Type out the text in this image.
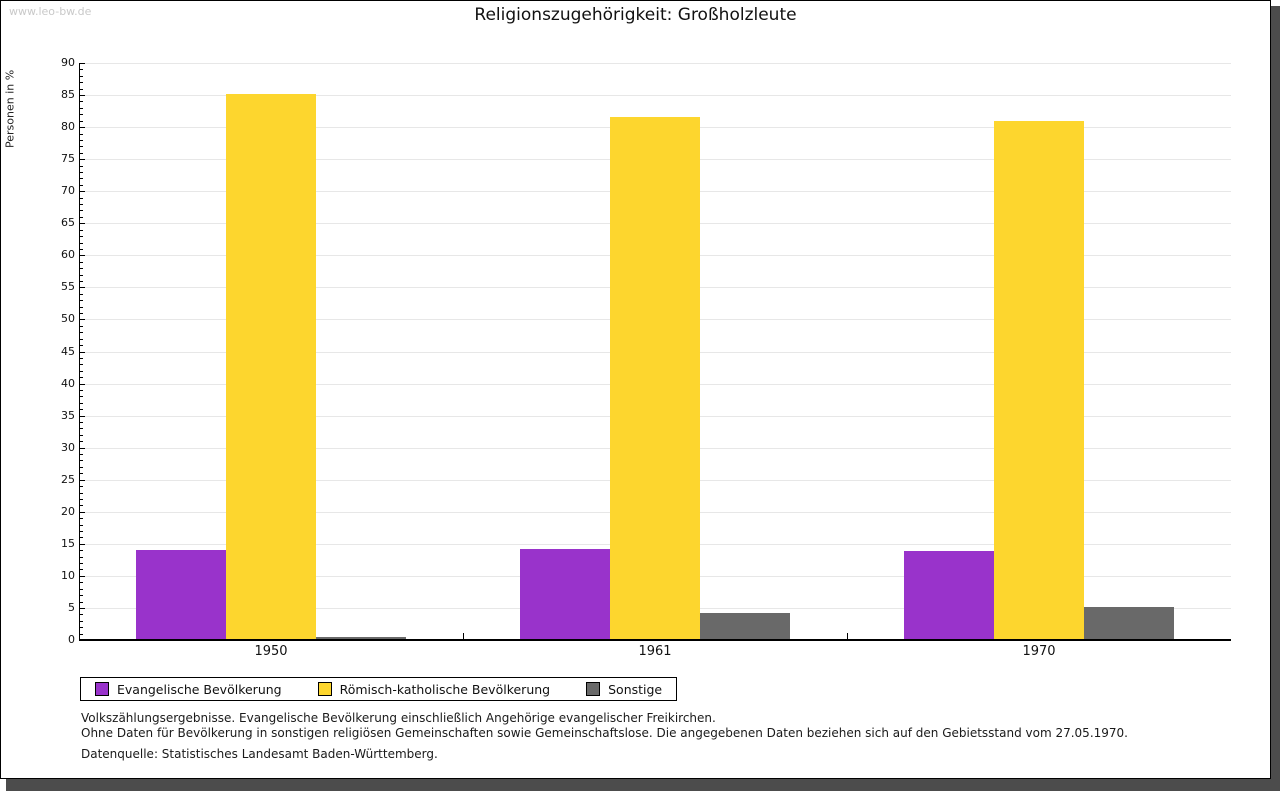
www.leo-bw.de	Religionszugehörigkeit: Großholzleute
Personen in %
Evangelische Bevölkerung	Römisch-katholische Bevölkerung	Sonstige
Volkszählungsergebnisse. Evangelische Bevölkerung einschließlich Angehörige evangelischer Freikirchen.
Ohne Daten für Bevölkerung in sonstigen religiösen Gemeinschaften sowie Gemeinschaftslose. Die angegebenen Daten beziehen sich auf den Gebietsstand vom 27.05.1970.
Datenquelle: Statistisches Landesamt Baden-Württemberg.
0
5
10
15
20
25
30
35
40
45
50
55
60
65
70
75
80
85
90
1950	1961	1970
